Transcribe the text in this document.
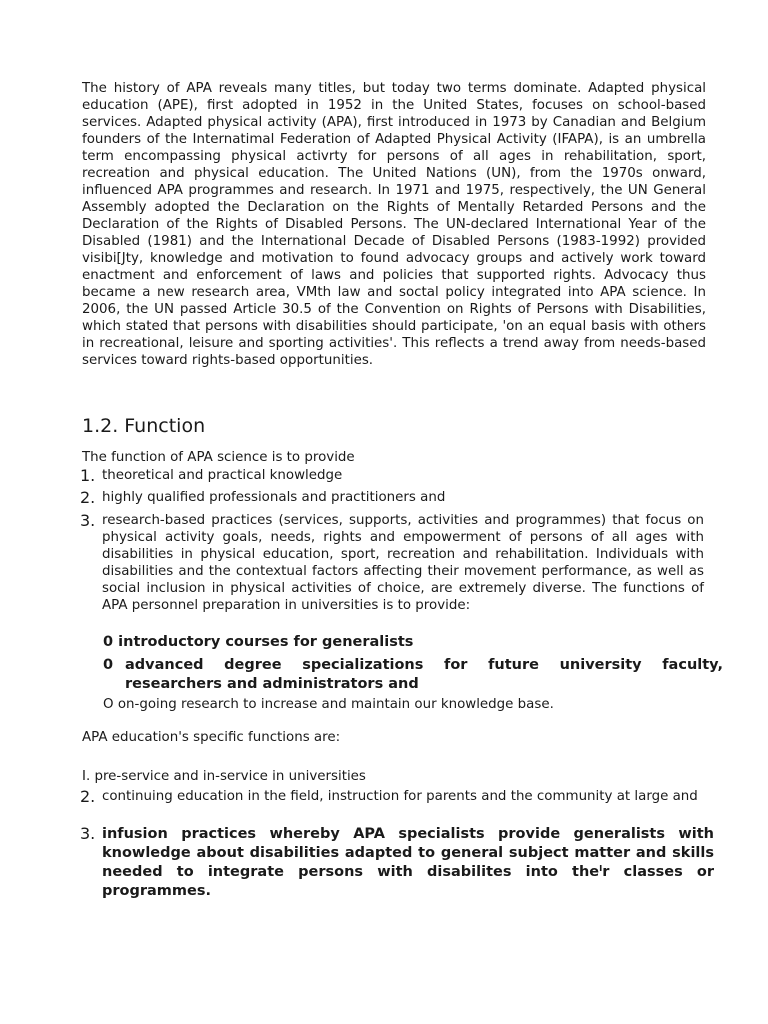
The history of APA reveals many titles, but today two terms dominate. Adapted physical education (APE), first adopted in 1952 in the United States, focuses on school-based services. Adapted physical activity (APA), first introduced in 1973 by Canadian and Belgium founders of the Internatimal Federation of Adapted Physical Activity (IFAPA), is an umbrella term encompassing physical activrty for persons of all ages in rehabilitation, sport, recreation and physical education. The United Nations (UN), from the 1970s onward, influenced APA programmes and research. In 1971 and 1975, respectively, the UN General Assembly adopted the Declaration on the Rights of Mentally Retarded Persons and the Declaration of the Rights of Disabled Persons. The UN-declared International Year of the Disabled (1981) and the International Decade of Disabled Persons (1983-1992) provided visibi[Jty, knowledge and motivation to found advocacy groups and actively work toward enactment and enforcement of laws and policies that supported rights. Advocacy thus became a new research area, VMth law and soctal policy integrated into APA science. In 2006, the UN passed Article 30.5 of the Convention on Rights of Persons with Disabilities, which stated that persons with disabilities should participate, 'on an equal basis with others in recreational, leisure and sporting activities'. This reflects a trend away from needs-based services toward rights-based opportunities.

1.2. Function

The function of APA science is to provide

1. theoretical and practical knowledge
2. highly qualified professionals and practitioners and
3. research-based practices (services, supports, activities and programmes) that focus on physical activity goals, needs, rights and empowerment of persons of all ages with disabilities in physical education, sport, recreation and rehabilitation. Individuals with disabilities and the contextual factors affecting their movement performance, as well as social inclusion in physical activities of choice, are extremely diverse. The functions of APA personnel preparation in universities is to provide:

0 introductory courses for generalists

0 advanced degree specializations for future university faculty, researchers and administrators and

O on-going research to increase and maintain our knowledge base.

APA education's specific functions are:

I. pre-service and in-service in universities

2. continuing education in the field, instruction for parents and the community at large and
3. infusion practices whereby APA specialists provide generalists with knowledge about disabilities adapted to general subject matter and skills needed to integrate persons with disabilites into theˡr classes or programmes.
